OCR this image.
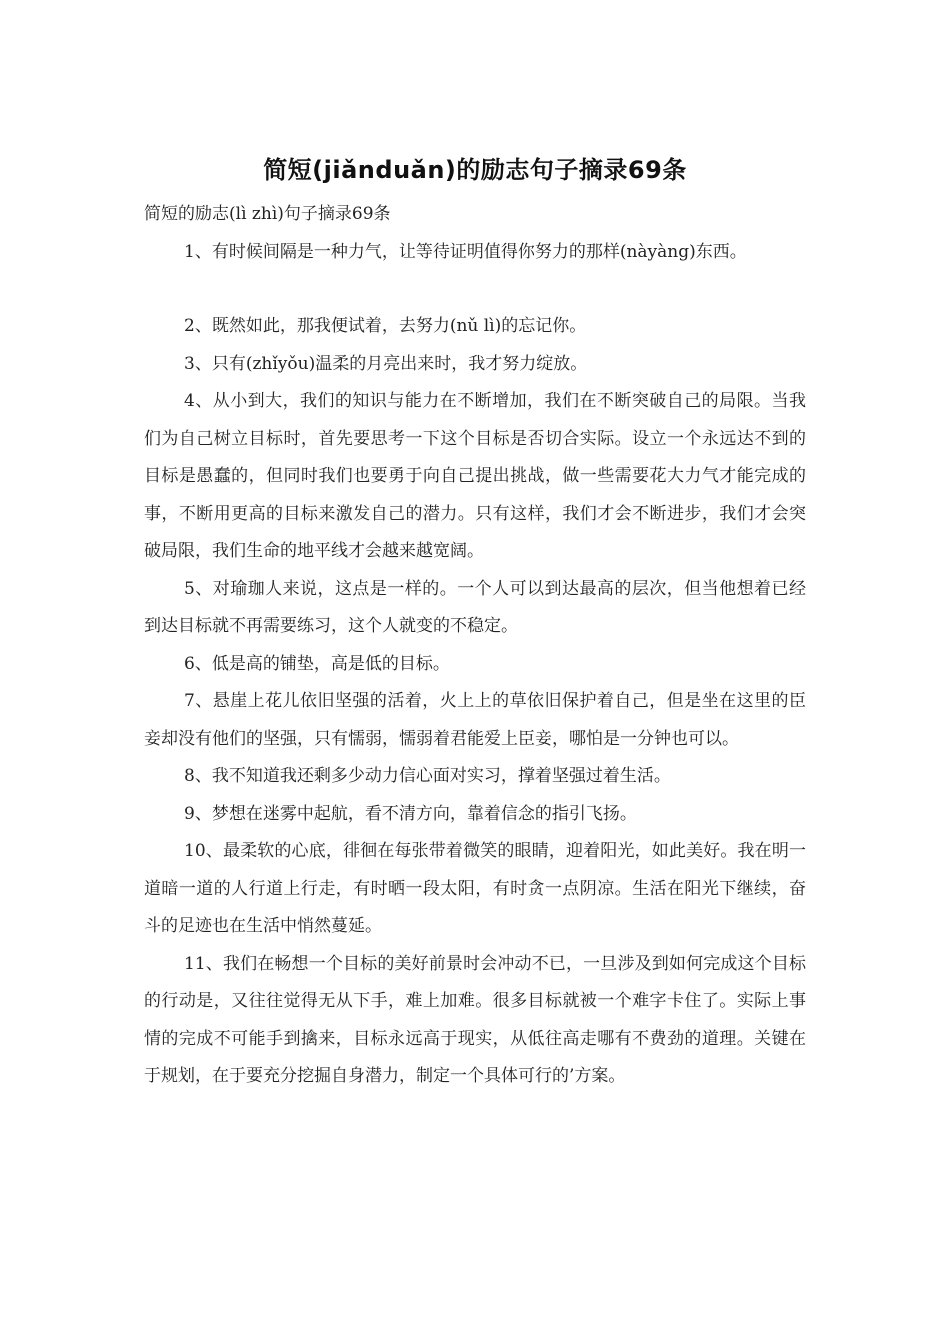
简短(jiǎnduǎn)的励志句子摘录69条

简短的励志(lì zhì)句子摘录69条

1、有时候间隔是一种力气，让等待证明值得你努力的那样(nàyàng)东西。

2、既然如此，那我便试着，去努力(nǔ lì)的忘记你。

3、只有(zhǐyǒu)温柔的月亮出来时，我才努力绽放。

4、从小到大，我们的知识与能力在不断增加，我们在不断突破自己的局限。当我们为自己树立目标时，首先要思考一下这个目标是否切合实际。设立一个永远达不到的目标是愚蠢的，但同时我们也要勇于向自己提出挑战，做一些需要花大力气才能完成的事，不断用更高的目标来激发自己的潜力。只有这样，我们才会不断进步，我们才会突破局限，我们生命的地平线才会越来越宽阔。

5、对瑜珈人来说，这点是一样的。一个人可以到达最高的层次，但当他想着已经到达目标就不再需要练习，这个人就变的不稳定。

6、低是高的铺垫，高是低的目标。

7、悬崖上花儿依旧坚强的活着，火上上的草依旧保护着自己，但是坐在这里的臣妾却没有他们的坚强，只有懦弱，懦弱着君能爱上臣妾，哪怕是一分钟也可以。

8、我不知道我还剩多少动力信心面对实习，撑着坚强过着生活。

9、梦想在迷雾中起航，看不清方向，靠着信念的指引飞扬。

10、最柔软的心底，徘徊在每张带着微笑的眼睛，迎着阳光，如此美好。我在明一道暗一道的人行道上行走，有时晒一段太阳，有时贪一点阴凉。生活在阳光下继续，奋斗的足迹也在生活中悄然蔓延。

11、我们在畅想一个目标的美好前景时会冲动不已，一旦涉及到如何完成这个目标的行动是，又往往觉得无从下手，难上加难。很多目标就被一个难字卡住了。实际上事情的完成不可能手到擒来，目标永远高于现实，从低往高走哪有不费劲的道理。关键在于规划，在于要充分挖掘自身潜力，制定一个具体可行的’方案。
